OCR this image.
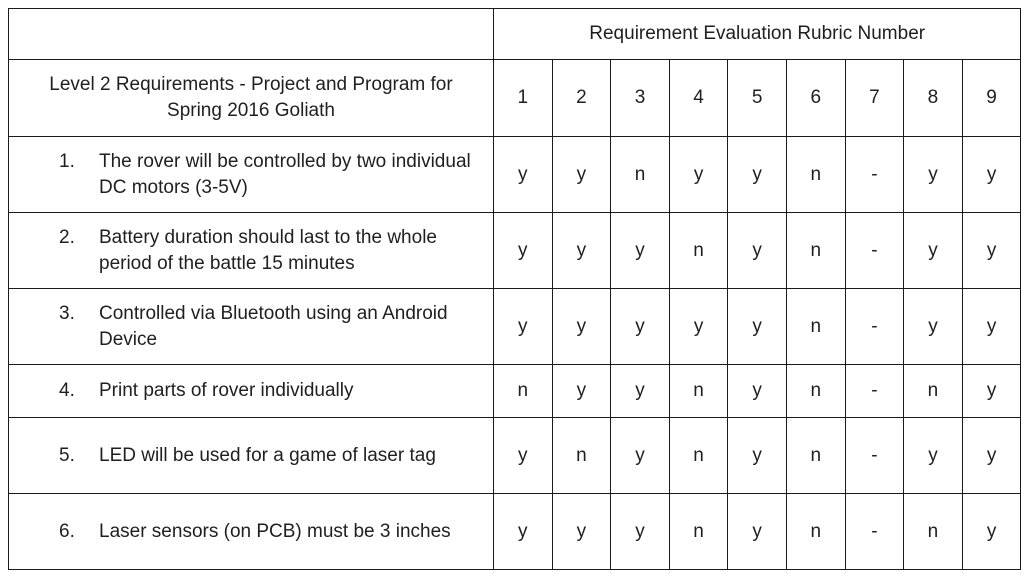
	Requirement Evaluation Rubric Number								

Level 2 Requirements - Project and Program for Spring 2016 Goliath	1	2	3	4	5	6	7	8	9

1. The rover will be controlled by two individual DC motors (3-5V)	y	y	n	y	y	n	-	y	y

2. Battery duration should last to the whole period of the battle 15 minutes	y	y	y	n	y	n	-	y	y

3. Controlled via Bluetooth using an Android Device	y	y	y	y	y	n	-	y	y

4. Print parts of rover individually	n	y	y	n	y	n	-	n	y

5. LED will be used for a game of laser tag	y	n	y	n	y	n	-	y	y

6. Laser sensors (on PCB) must be 3 inches	y	y	y	n	y	n	-	n	y
